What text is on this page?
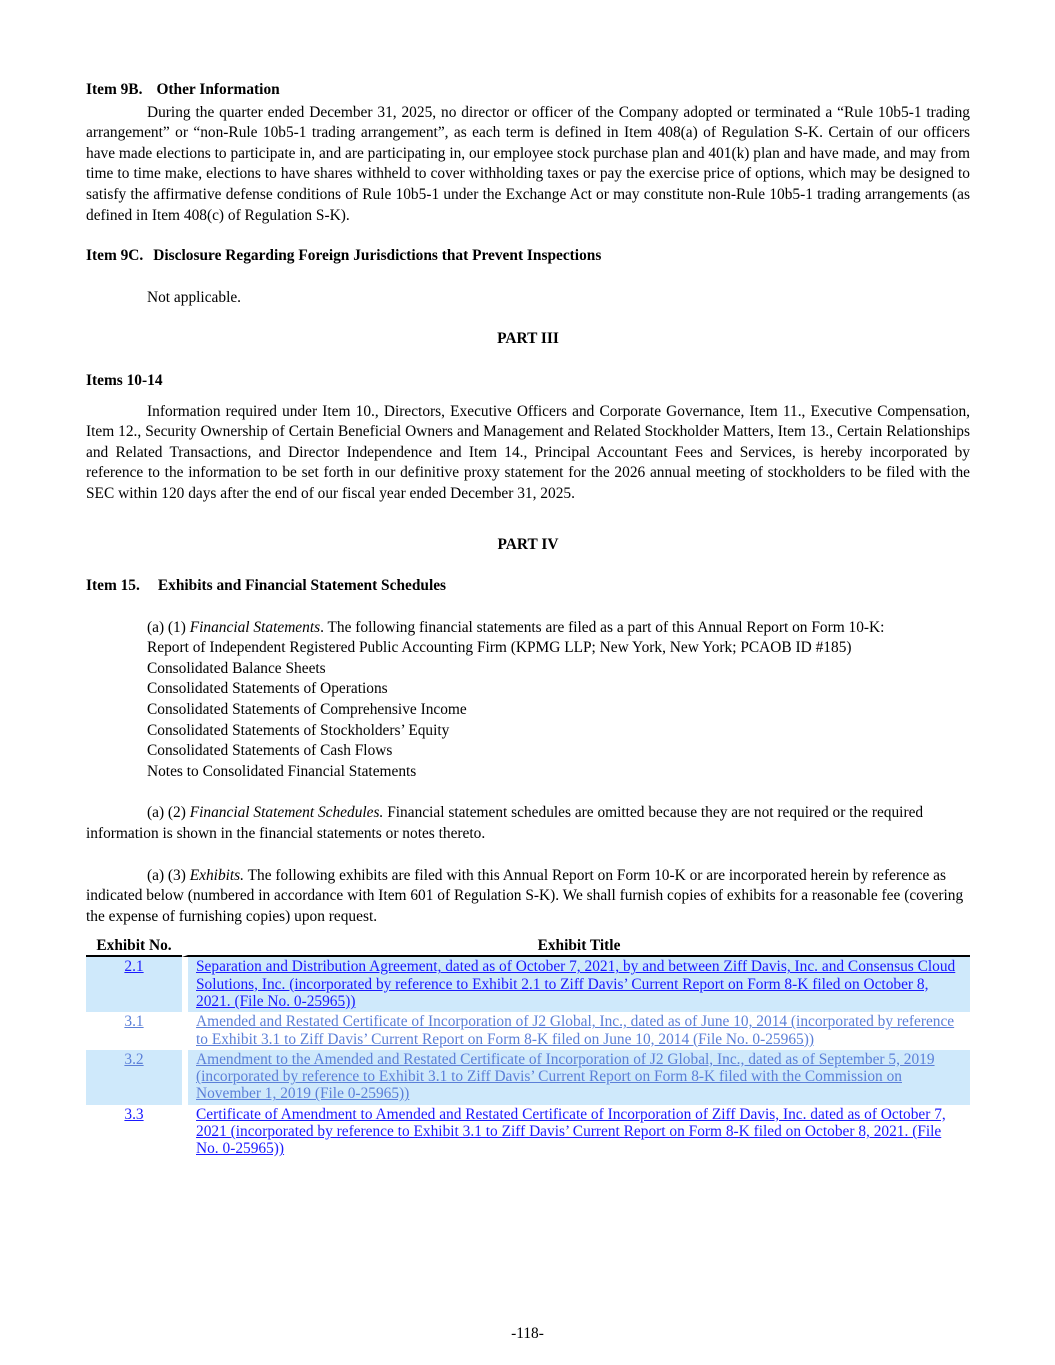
Item 9B. Other Information

During the quarter ended December 31, 2025, no director or officer of the Company adopted or terminated a “Rule 10b5-1 trading arrangement” or “non-Rule 10b5-1 trading arrangement”, as each term is defined in Item 408(a) of Regulation S-K. Certain of our officers have made elections to participate in, and are participating in, our employee stock purchase plan and 401(k) plan and have made, and may from time to time make, elections to have shares withheld to cover withholding taxes or pay the exercise price of options, which may be designed to satisfy the affirmative defense conditions of Rule 10b5-1 under the Exchange Act or may constitute non-Rule 10b5-1 trading arrangements (as defined in Item 408(c) of Regulation S-K).

Item 9C. Disclosure Regarding Foreign Jurisdictions that Prevent Inspections

Not applicable.

PART III

Items 10-14

Information required under Item 10., Directors, Executive Officers and Corporate Governance, Item 11., Executive Compensation, Item 12., Security Ownership of Certain Beneficial Owners and Management and Related Stockholder Matters, Item 13., Certain Relationships and Related Transactions, and Director Independence and Item 14., Principal Accountant Fees and Services, is hereby incorporated by reference to the information to be set forth in our definitive proxy statement for the 2026 annual meeting of stockholders to be filed with the SEC within 120 days after the end of our fiscal year ended December 31, 2025.

PART IV

Item 15. Exhibits and Financial Statement Schedules

(a) (1) Financial Statements. The following financial statements are filed as a part of this Annual Report on Form 10-K:

Report of Independent Registered Public Accounting Firm (KPMG LLP; New York, New York; PCAOB ID #185)
Consolidated Balance Sheets
Consolidated Statements of Operations
Consolidated Statements of Comprehensive Income
Consolidated Statements of Stockholders’ Equity
Consolidated Statements of Cash Flows
Notes to Consolidated Financial Statements

(a) (2) Financial Statement Schedules. Financial statement schedules are omitted because they are not required or the required information is shown in the financial statements or notes thereto.

(a) (3) Exhibits. The following exhibits are filed with this Annual Report on Form 10-K or are incorporated herein by reference as indicated below (numbered in accordance with Item 601 of Regulation S-K). We shall furnish copies of exhibits for a reasonable fee (covering the expense of furnishing copies) upon request.

Exhibit No.	Exhibit Title
2.1	Separation and Distribution Agreement, dated as of October 7, 2021, by and between Ziff Davis, Inc. and Consensus Cloud Solutions, Inc. (incorporated by reference to Exhibit 2.1 to Ziff Davis’ Current Report on Form 8-K filed on October 8, 2021. (File No. 0-25965))
3.1	Amended and Restated Certificate of Incorporation of J2 Global, Inc., dated as of June 10, 2014 (incorporated by reference to Exhibit 3.1 to Ziff Davis’ Current Report on Form 8-K filed on June 10, 2014 (File No. 0-25965))
3.2	Amendment to the Amended and Restated Certificate of Incorporation of J2 Global, Inc., dated as of September 5, 2019 (incorporated by reference to Exhibit 3.1 to Ziff Davis’ Current Report on Form 8-K filed with the Commission on November 1, 2019 (File 0-25965))
3.3	Certificate of Amendment to Amended and Restated Certificate of Incorporation of Ziff Davis, Inc. dated as of October 7, 2021 (incorporated by reference to Exhibit 3.1 to Ziff Davis’ Current Report on Form 8-K filed on October 8, 2021. (File No. 0-25965))
-118-
